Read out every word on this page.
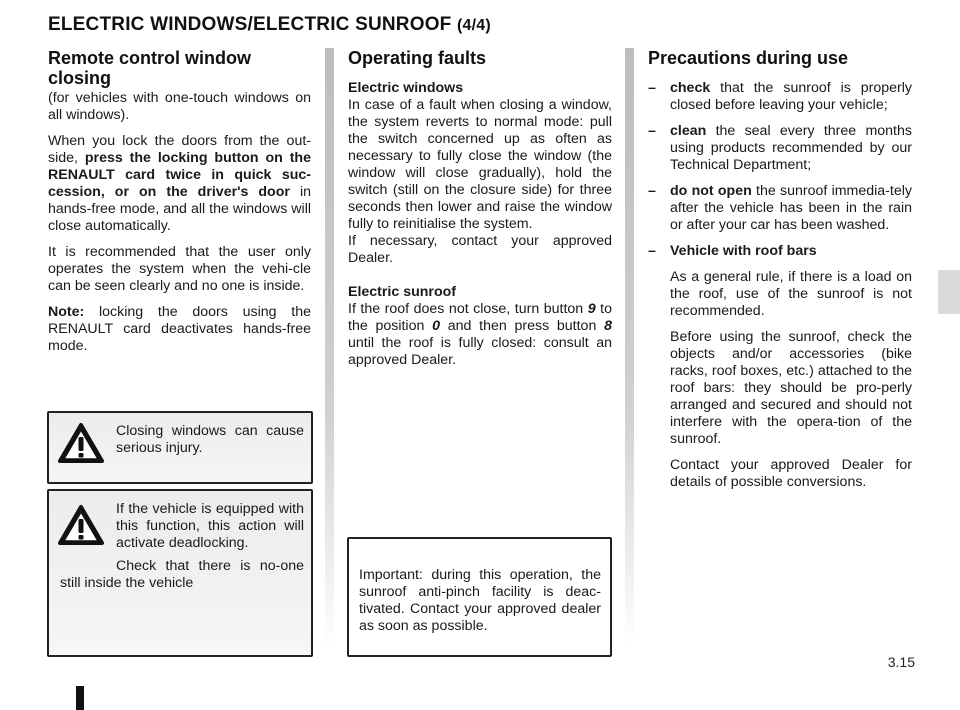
ELECTRIC WINDOWS/ELECTRIC SUNROOF (4/4)
Remote control window closing

(for vehicles with one-touch windows on all windows).

When you lock the doors from the out-side, press the locking button on the RENAULT card twice in quick suc-cession, or on the driver's door in hands-free mode, and all the windows will close automatically.

It is recommended that the user only operates the system when the vehi-cle can be seen clearly and no one is inside.

Note: locking the doors using the RENAULT card deactivates hands-free mode.

Closing windows can cause serious injury.

If the vehicle is equipped with this function, this action will activate deadlocking.

Check that there is no-one still inside the vehicle

Operating faults
Electric windows

In case of a fault when closing a window, the system reverts to normal mode: pull the switch concerned up as often as necessary to fully close the window (the window will close gradually), hold the switch (still on the closure side) for three seconds then lower and raise the window fully to reinitialise the system.

If necessary, contact your approved Dealer.

Electric sunroof

If the roof does not close, turn button 9 to the position 0 and then press button 8 until the roof is fully closed: consult an approved Dealer.

Important: during this operation, the sunroof anti-pinch facility is deac-tivated. Contact your approved dealer as soon as possible.

Precautions during use
– check that the sunroof is properly closed before leaving your vehicle;
– clean the seal every three months using products recommended by our Technical Department;
– do not open the sunroof immedia-tely after the vehicle has been in the rain or after your car has been washed.
– Vehicle with roof bars

As a general rule, if there is a load on the roof, use of the sunroof is not recommended.

Before using the sunroof, check the objects and/or accessories (bike racks, roof boxes, etc.) attached to the roof bars: they should be pro-perly arranged and secured and should not interfere with the opera-tion of the sunroof.

Contact your approved Dealer for details of possible conversions.

3.15
